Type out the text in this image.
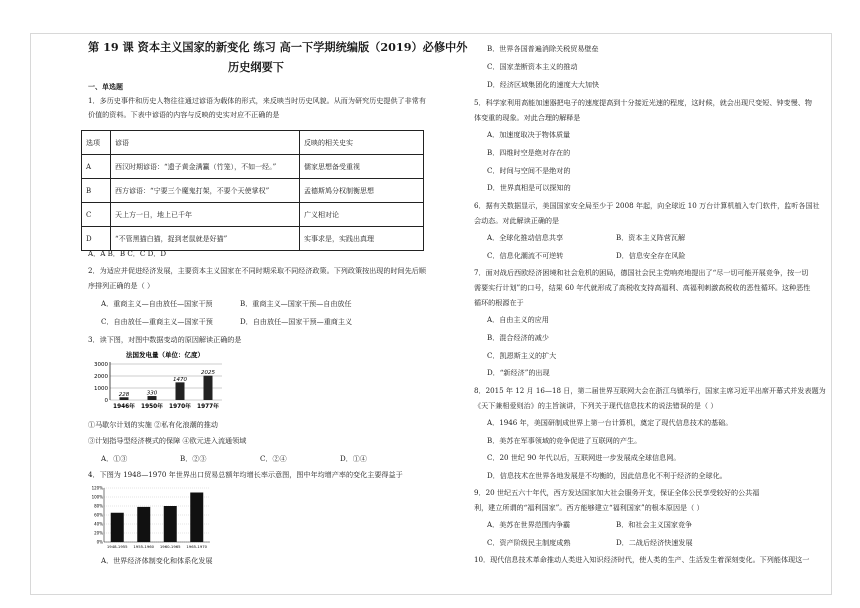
第 19 课 资本主义国家的新变化 练习 高一下学期统编版（2019）必修中外
历史纲要下
一、单选题
1．多历史事件和历史人物往往通过谚语为载体的形式，来反映当时历史风貌。从而为研究历史提供了非常有
价值的资料。下表中谚语的内容与反映的史实对应不正确的是
选项	谚语	反映的相关史实
A	西汉时期谚语：“遗子黄金满籯（竹笼），不如一经。”	儒家思想备受重视
B	西方谚语：“宁要三个魔鬼打架，不要个天使掌权”	孟德斯鸠分权制衡思想
C	天上方一日，地上已千年	广义相对论
D	“不管黑猫白猫，捉到老鼠就是好猫”	实事求是，实践出真理
A．A B．B C．C D．D
2．为适应并促进经济发展，主要资本主义国家在不同时期采取不同经济政策。下列政策按出现的时间先后顺
序排列正确的是（ ）
A．重商主义—自由放任—国家干预	B．重商主义—国家干预—自由放任
C．自由放任—重商主义—国家干预	D．自由放任—国家干预—重商主义
3．读下图，对图中数据变动的原因解读正确的是
法国发电量（单位：亿度）
0
1000
2000
3000
228
1946年
330
1950年
1470
1970年
2025
1977年
①马歇尔计划的实施 ②私有化浪潮的推动
③计划指导型经济模式的保障 ④欧元进入流通领域
A．①③	B．②③	C．②④	D．①④
4．下图为 1948—1970 年世界出口贸易总额年均增长率示意图，图中年均增产率的变化主要得益于
0%
20%
40%
60%
80%
100%
120%
1948-1955 1955-1960 1960-1965 1965-1970
A．世界经济体制变化和体系化发展
B．世界各国普遍消除关税贸易壁垒
C．国家垄断资本主义的推动
D．经济区域集团化的速度大大加快
5．科学家利用高能加速器把电子的速度提高到十分接近光速的程度，这时候，就会出现尺变短、钟变慢、物
体变重的现象。对此合理的解释是
A．加速度取决于物体质量
B．四维时空是绝对存在的
C．时间与空间不是绝对的
D．世界真相是可以探知的
6．据有关数据显示，美国国家安全局至少于 2008 年起，向全球近 10 万台计算机植入专门软件，监听各国社
会动态。对此解读正确的是
A．全球化推动信息共享	B．资本主义阵营瓦解
C．信息化潮流不可逆转	D．信息安全存在风险
7．面对战后西欧经济困境和社会危机的困局，德国社会民主党响亮地提出了“尽一切可能开展竞争，按一切
需要实行计划”的口号，结果 60 年代就形成了高税收支持高福利、高福利刺激高税收的恶性循环。这种恶性
循环的根源在于
A．自由主义的应用
B．混合经济的减少
C．凯恩斯主义的扩大
D．“新经济”的出现
8．2015 年 12 月 16—18 日，第二届世界互联网大会在浙江乌镇举行，国家主席习近平出席开幕式并发表题为
《天下兼相爱则治》的主旨演讲，下列关于现代信息技术的说法错误的是（ ）
A．1946 年，美国研制成世界上第一台计算机，奠定了现代信息技术的基础。
B．美苏在军事领域的竞争促进了互联网的产生。
C．20 世纪 90 年代以后，互联网进一步发展成全球信息网。
D．信息技术在世界各地发展是不均衡的，因此信息化不利于经济的全球化。
9．20 世纪五六十年代，西方发达国家加大社会服务开支，保证全体公民享受较好的公共福
利，建立所谓的“福利国家”。西方能够建立“福利国家”的根本原因是（ ）
A．美苏在世界范围内争霸	B．和社会主义国家竞争
C．资产阶级民主制度成熟	D．二战后经济快速发展
10．现代信息技术革命推动人类进入知识经济时代，使人类的生产、生活发生着深刻变化。下列能体现这一
